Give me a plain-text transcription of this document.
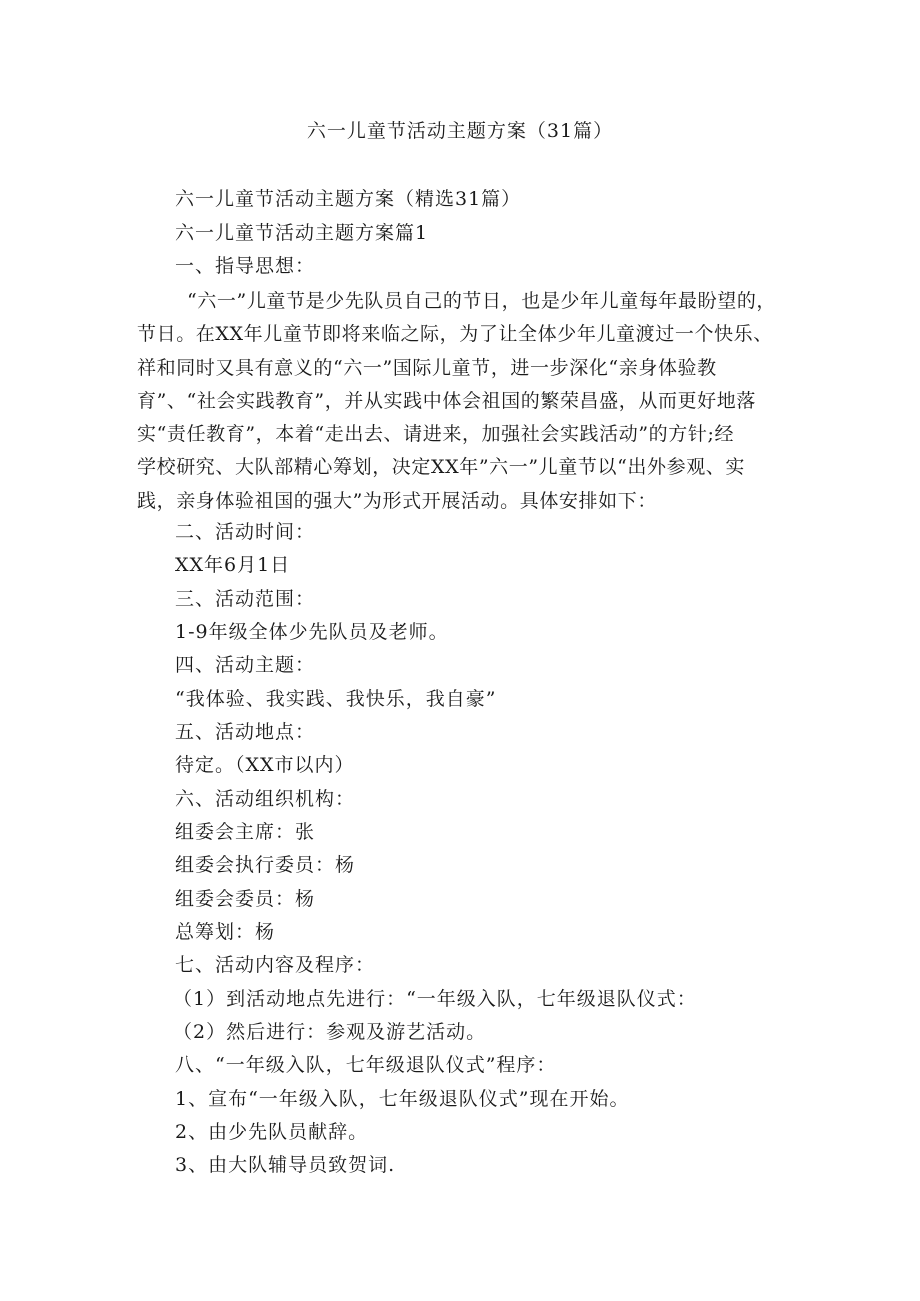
六一儿童节活动主题方案（31篇）
六一儿童节活动主题方案（精选31篇）
六一儿童节活动主题方案篇1
一、指导思想：
“六一”儿童节是少先队员自己的节日，也是少年儿童每年最盼望的，
节日。在XX年儿童节即将来临之际，为了让全体少年儿童渡过一个快乐、
祥和同时又具有意义的“六一”国际儿童节，进一步深化“亲身体验教
育”、“社会实践教育”，并从实践中体会祖国的繁荣昌盛，从而更好地落
实“责任教育”，本着“走出去、请进来，加强社会实践活动”的方针;经
学校研究、大队部精心筹划，决定XX年”六一”儿童节以“出外参观、实
践，亲身体验祖国的强大”为形式开展活动。具体安排如下：
二、活动时间：
XX年6月1日
三、活动范围：
1-9年级全体少先队员及老师。
四、活动主题：
“我体验、我实践、我快乐，我自豪”
五、活动地点：
待定。（XX市以内）
六、活动组织机构：
组委会主席：张
组委会执行委员：杨
组委会委员：杨
总筹划：杨
七、活动内容及程序：
（1）到活动地点先进行：“一年级入队，七年级退队仪式：
（2）然后进行：参观及游艺活动。
八、“一年级入队，七年级退队仪式”程序：
1、宣布“一年级入队，七年级退队仪式”现在开始。
2、由少先队员献辞。
3、由大队辅导员致贺词.
